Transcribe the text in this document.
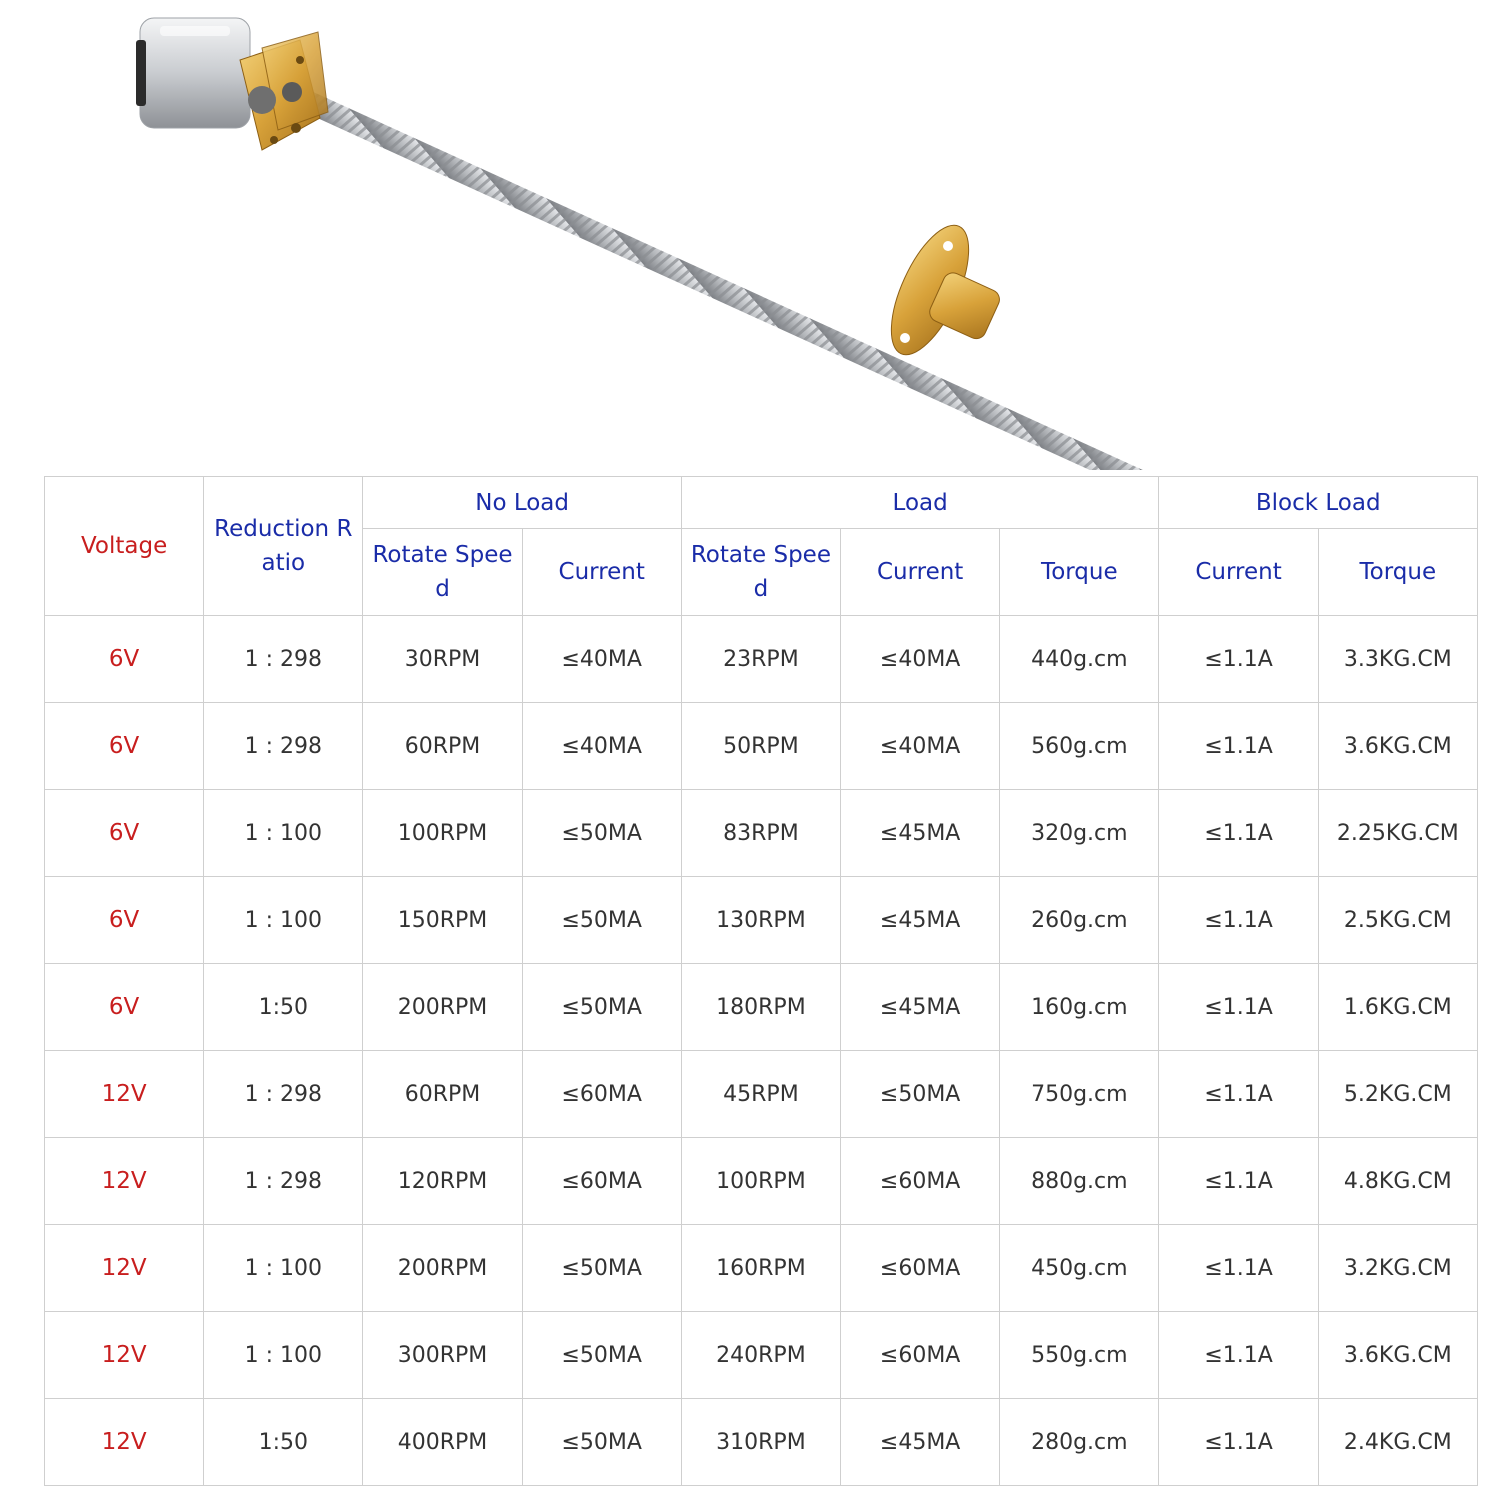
Voltage	Reduction R atio	No Load		Load			Block Load	
		Rotate Spee d	Current	Rotate Spee d	Current	Torque	Current	Torque
6V	1 : 298	30RPM	≤40MA	23RPM	≤40MA	440g.cm	≤1.1A	3.3KG.CM
6V	1 : 298	60RPM	≤40MA	50RPM	≤40MA	560g.cm	≤1.1A	3.6KG.CM
6V	1 : 100	100RPM	≤50MA	83RPM	≤45MA	320g.cm	≤1.1A	2.25KG.CM
6V	1 : 100	150RPM	≤50MA	130RPM	≤45MA	260g.cm	≤1.1A	2.5KG.CM
6V	1:50	200RPM	≤50MA	180RPM	≤45MA	160g.cm	≤1.1A	1.6KG.CM
12V	1 : 298	60RPM	≤60MA	45RPM	≤50MA	750g.cm	≤1.1A	5.2KG.CM
12V	1 : 298	120RPM	≤60MA	100RPM	≤60MA	880g.cm	≤1.1A	4.8KG.CM
12V	1 : 100	200RPM	≤50MA	160RPM	≤60MA	450g.cm	≤1.1A	3.2KG.CM
12V	1 : 100	300RPM	≤50MA	240RPM	≤60MA	550g.cm	≤1.1A	3.6KG.CM
12V	1:50	400RPM	≤50MA	310RPM	≤45MA	280g.cm	≤1.1A	2.4KG.CM
